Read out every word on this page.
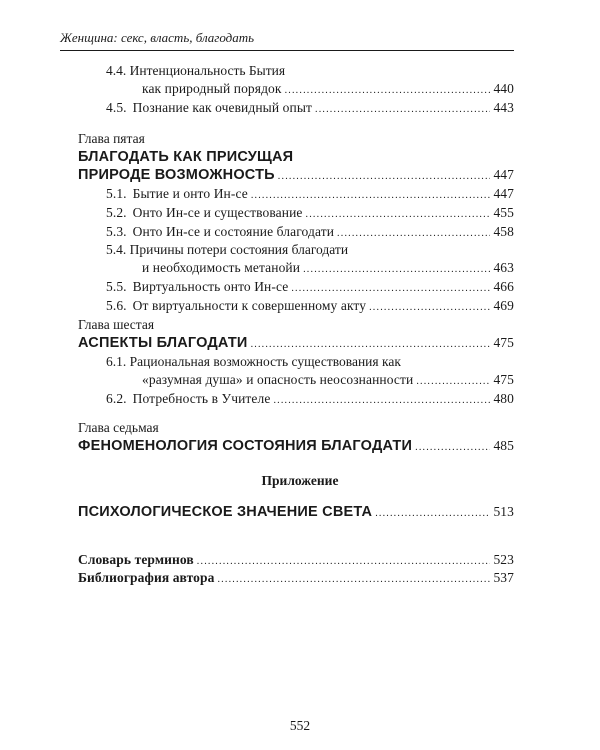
Женщина: секс, власть, благодать
4.4. Интенциональность Бытия
как природный порядок .....	440
4.5. Познание как очевидный опыт .....	443
Глава пятая
БЛАГОДАТЬ КАК ПРИСУЩАЯ
ПРИРОДЕ ВОЗМОЖНОСТЬ .....	447
5.1. Бытие и онто Ин-се .....	447
5.2. Онто Ин-се и существование .....	455
5.3. Онто Ин-се и состояние благодати .....	458
5.4. Причины потери состояния благодати
и необходимость метанойи .....	463
5.5. Виртуальность онто Ин-се .....	466
5.6. От виртуальности к совершенному акту .....	469
Глава шестая
АСПЕКТЫ БЛАГОДАТИ .....	475
6.1. Рациональная возможность существования как
«разумная душа» и опасность неосознанности .....	475
6.2. Потребность в Учителе .....	480
Глава седьмая
ФЕНОМЕНОЛОГИЯ СОСТОЯНИЯ БЛАГОДАТИ .....	485
Приложение
ПСИХОЛОГИЧЕСКОЕ ЗНАЧЕНИЕ СВЕТА .....	513
Словарь терминов .....	523
Библиография автора .....	537
552
